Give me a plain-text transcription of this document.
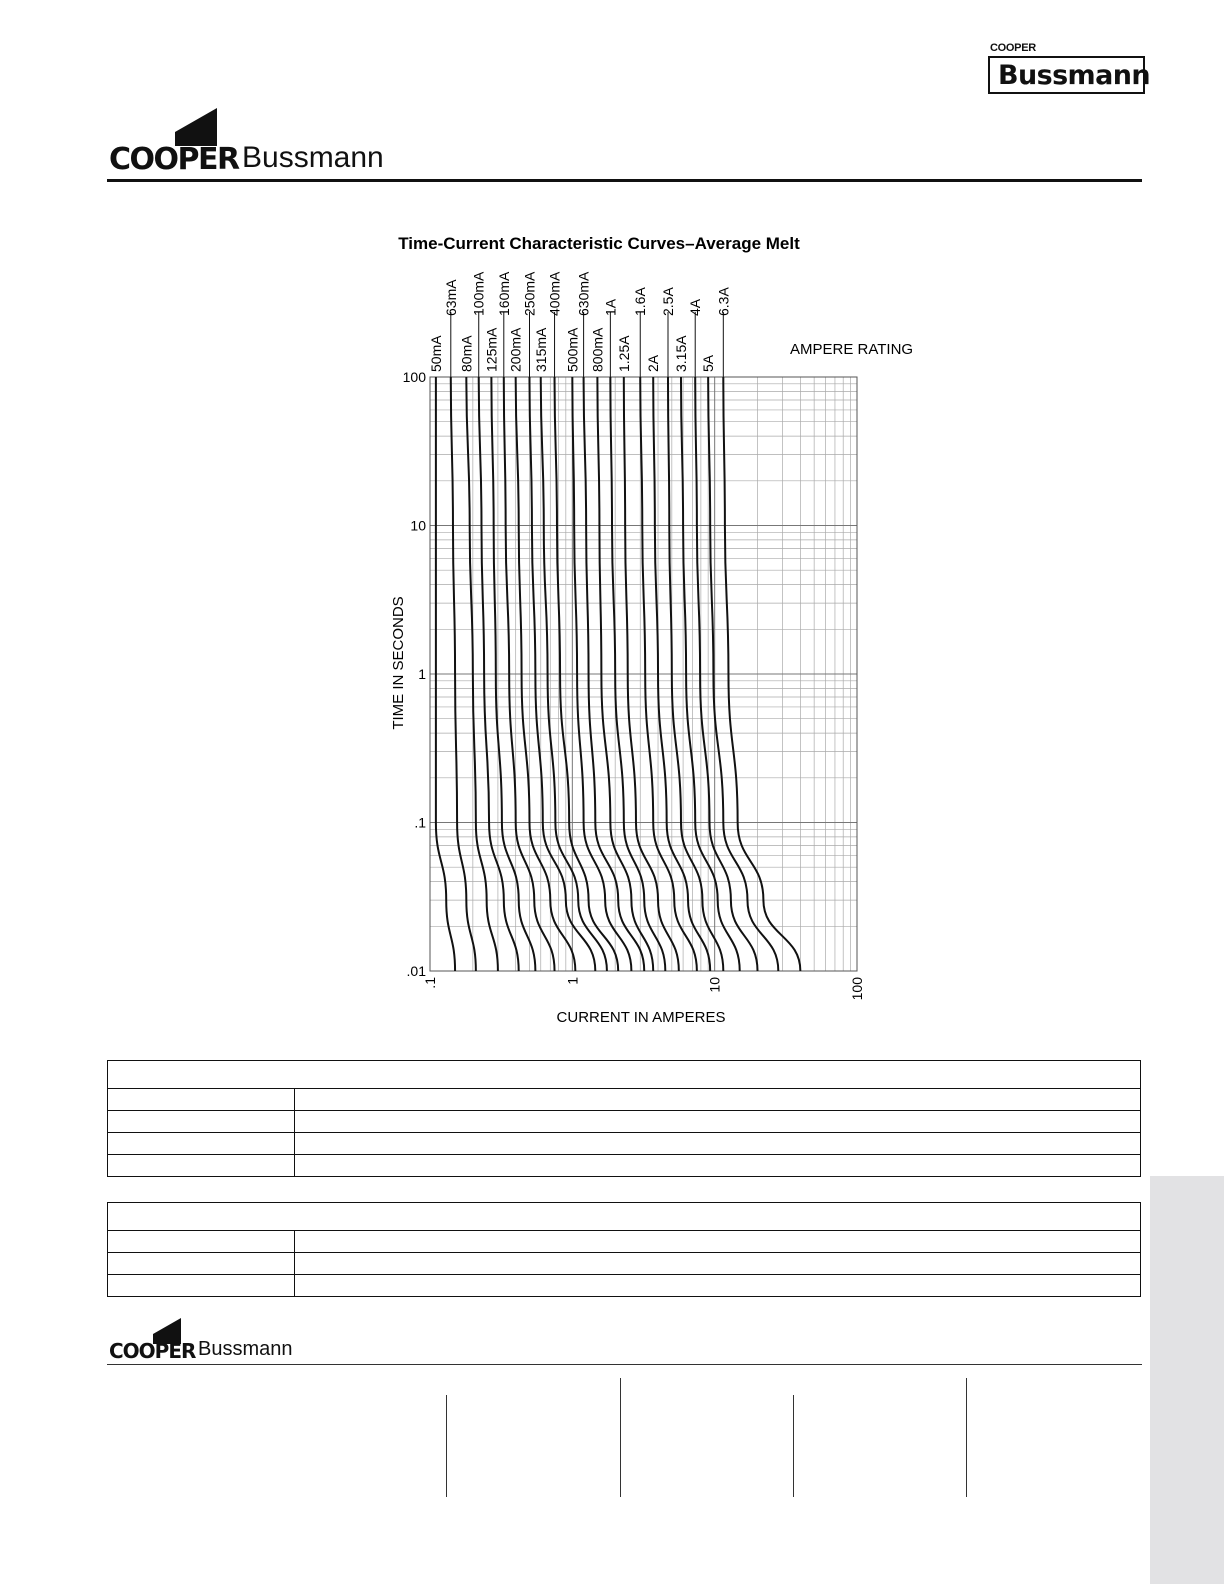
COOPER
Bussmann
COOPER Bussmann
Time-Current Characteristic Curves–Average Melt
.01
.1
1
10
100
.1	1	10	100
50mA
63mA
80mA
100mA
125mA
160mA
200mA
250mA
315mA
400mA
500mA
630mA
800mA
1A
1.25A
1.6A
2A
2.5A
3.15A
4A
5A
6.3A
AMPERE RATING
TIME IN SECONDS
CURRENT IN AMPERES
COOPER Bussmann
